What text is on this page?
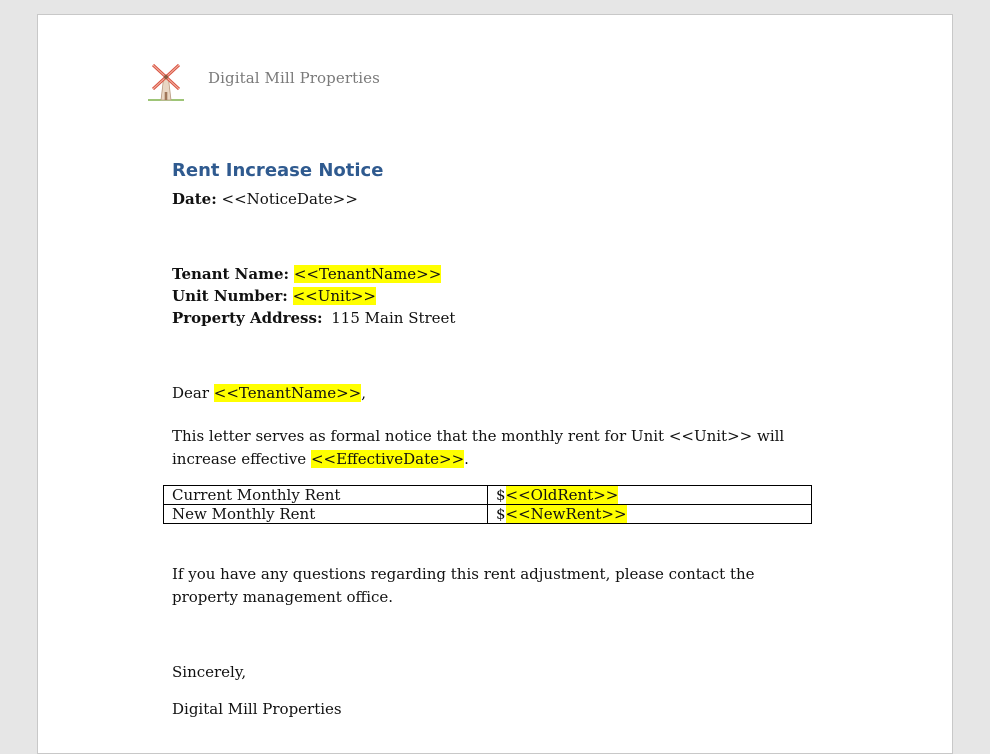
Digital Mill Properties
Rent Increase Notice
Date: <<NoticeDate>>
Tenant Name: <<TenantName>>
Unit Number: <<Unit>>
Property Address: 115 Main Street
Dear <<TenantName>>,
This letter serves as formal notice that the monthly rent for Unit <<Unit>> will increase effective <<EffectiveDate>>.
Current Monthly Rent	$<<OldRent>>
New Monthly Rent	$<<NewRent>>
If you have any questions regarding this rent adjustment, please contact the property management office.
Sincerely,
Digital Mill Properties
